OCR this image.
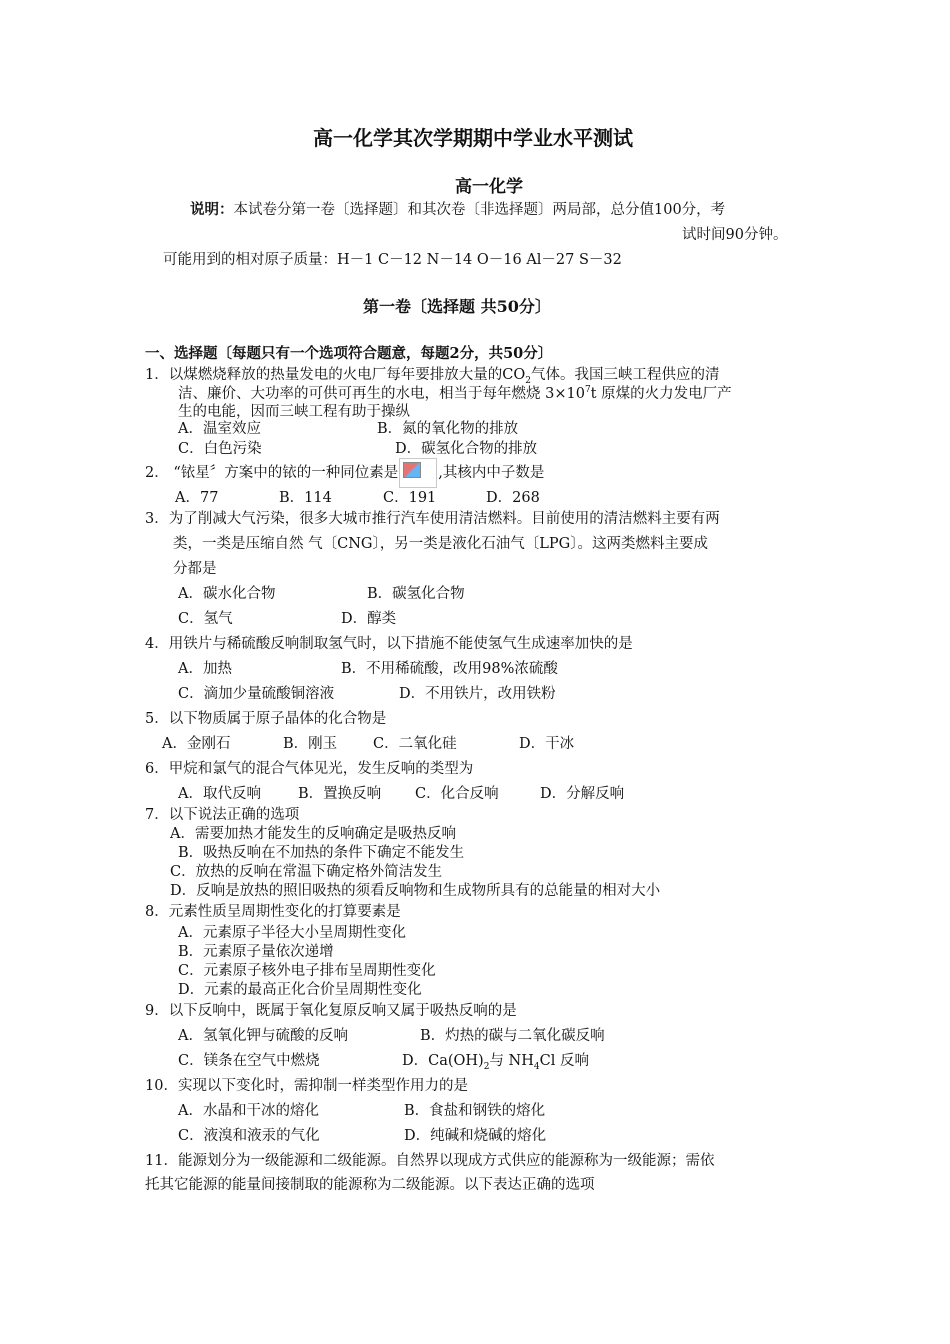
高一化学其次学期期中学业水平测试
高一化学
说明：本试卷分第一卷〔选择题〕和其次卷〔非选择题〕两局部，总分值100分，考
试时间90分钟。
可能用到的相对原子质量：H－1 C－12 N－14 O－16 Al－27 S－32
第一卷〔选择题 共50分〕
一、选择题〔每题只有一个选项符合题意，每题2分，共50分〕
1．以煤燃烧释放的热量发电的火电厂每年要排放大量的$CO_2$气体。我国三峡工程供应的清
洁、廉价、大功率的可供可再生的水电，相当于每年燃烧 $3\times 10^7t$ 原煤的火力发电厂产
生的电能，因而三峡工程有助于操纵
A．温室效应	B．氮的氧化物的排放
C．白色污染	D．碳氢化合物的排放
2． “铱星〞方案中的铱的一种同位素是	,其核内中子数是
A．77	B．114	C．191	D．268
3．为了削减大气污染，很多大城市推行汽车使用清洁燃料。目前使用的清洁燃料主要有两
类，一类是压缩自然 气〔CNG〕，另一类是液化石油气〔LPG〕。这两类燃料主要成
分都是
A．碳水化合物	B．碳氢化合物
C．氢气	D．醇类
4．用铁片与稀硫酸反响制取氢气时，以下措施不能使氢气生成速率加快的是
A．加热	B．不用稀硫酸，改用98%浓硫酸
C．滴加少量硫酸铜溶液	D．不用铁片，改用铁粉
5．以下物质属于原子晶体的化合物是
A．金刚石	B．刚玉 C．二氧化硅	D．干冰
6．甲烷和氯气的混合气体见光，发生反响的类型为
A．取代反响	B．置换反响 C．化合反响	D．分解反响
7．以下说法正确的选项
A．需要加热才能发生的反响确定是吸热反响
B．吸热反响在不加热的条件下确定不能发生
C．放热的反响在常温下确定格外简洁发生
D．反响是放热的照旧吸热的须看反响物和生成物所具有的总能量的相对大小
8．元素性质呈周期性变化的打算要素是
A．元素原子半径大小呈周期性变化
B．元素原子量依次递增
C．元素原子核外电子排布呈周期性变化
D．元素的最高正化合价呈周期性变化
9．以下反响中，既属于氧化复原反响又属于吸热反响的是
A．氢氧化钾与硫酸的反响	B．灼热的碳与二氧化碳反响
C．镁条在空气中燃烧	D．$Ca(OH)_2$与 $NH_4Cl$ 反响
10．实现以下变化时，需抑制一样类型作用力的是
A．水晶和干冰的熔化	B．食盐和钢铁的熔化
C．液溴和液汞的气化	D．纯碱和烧碱的熔化
11．能源划分为一级能源和二级能源。自然界以现成方式供应的能源称为一级能源；需依
托其它能源的能量间接制取的能源称为二级能源。以下表达正确的选项
